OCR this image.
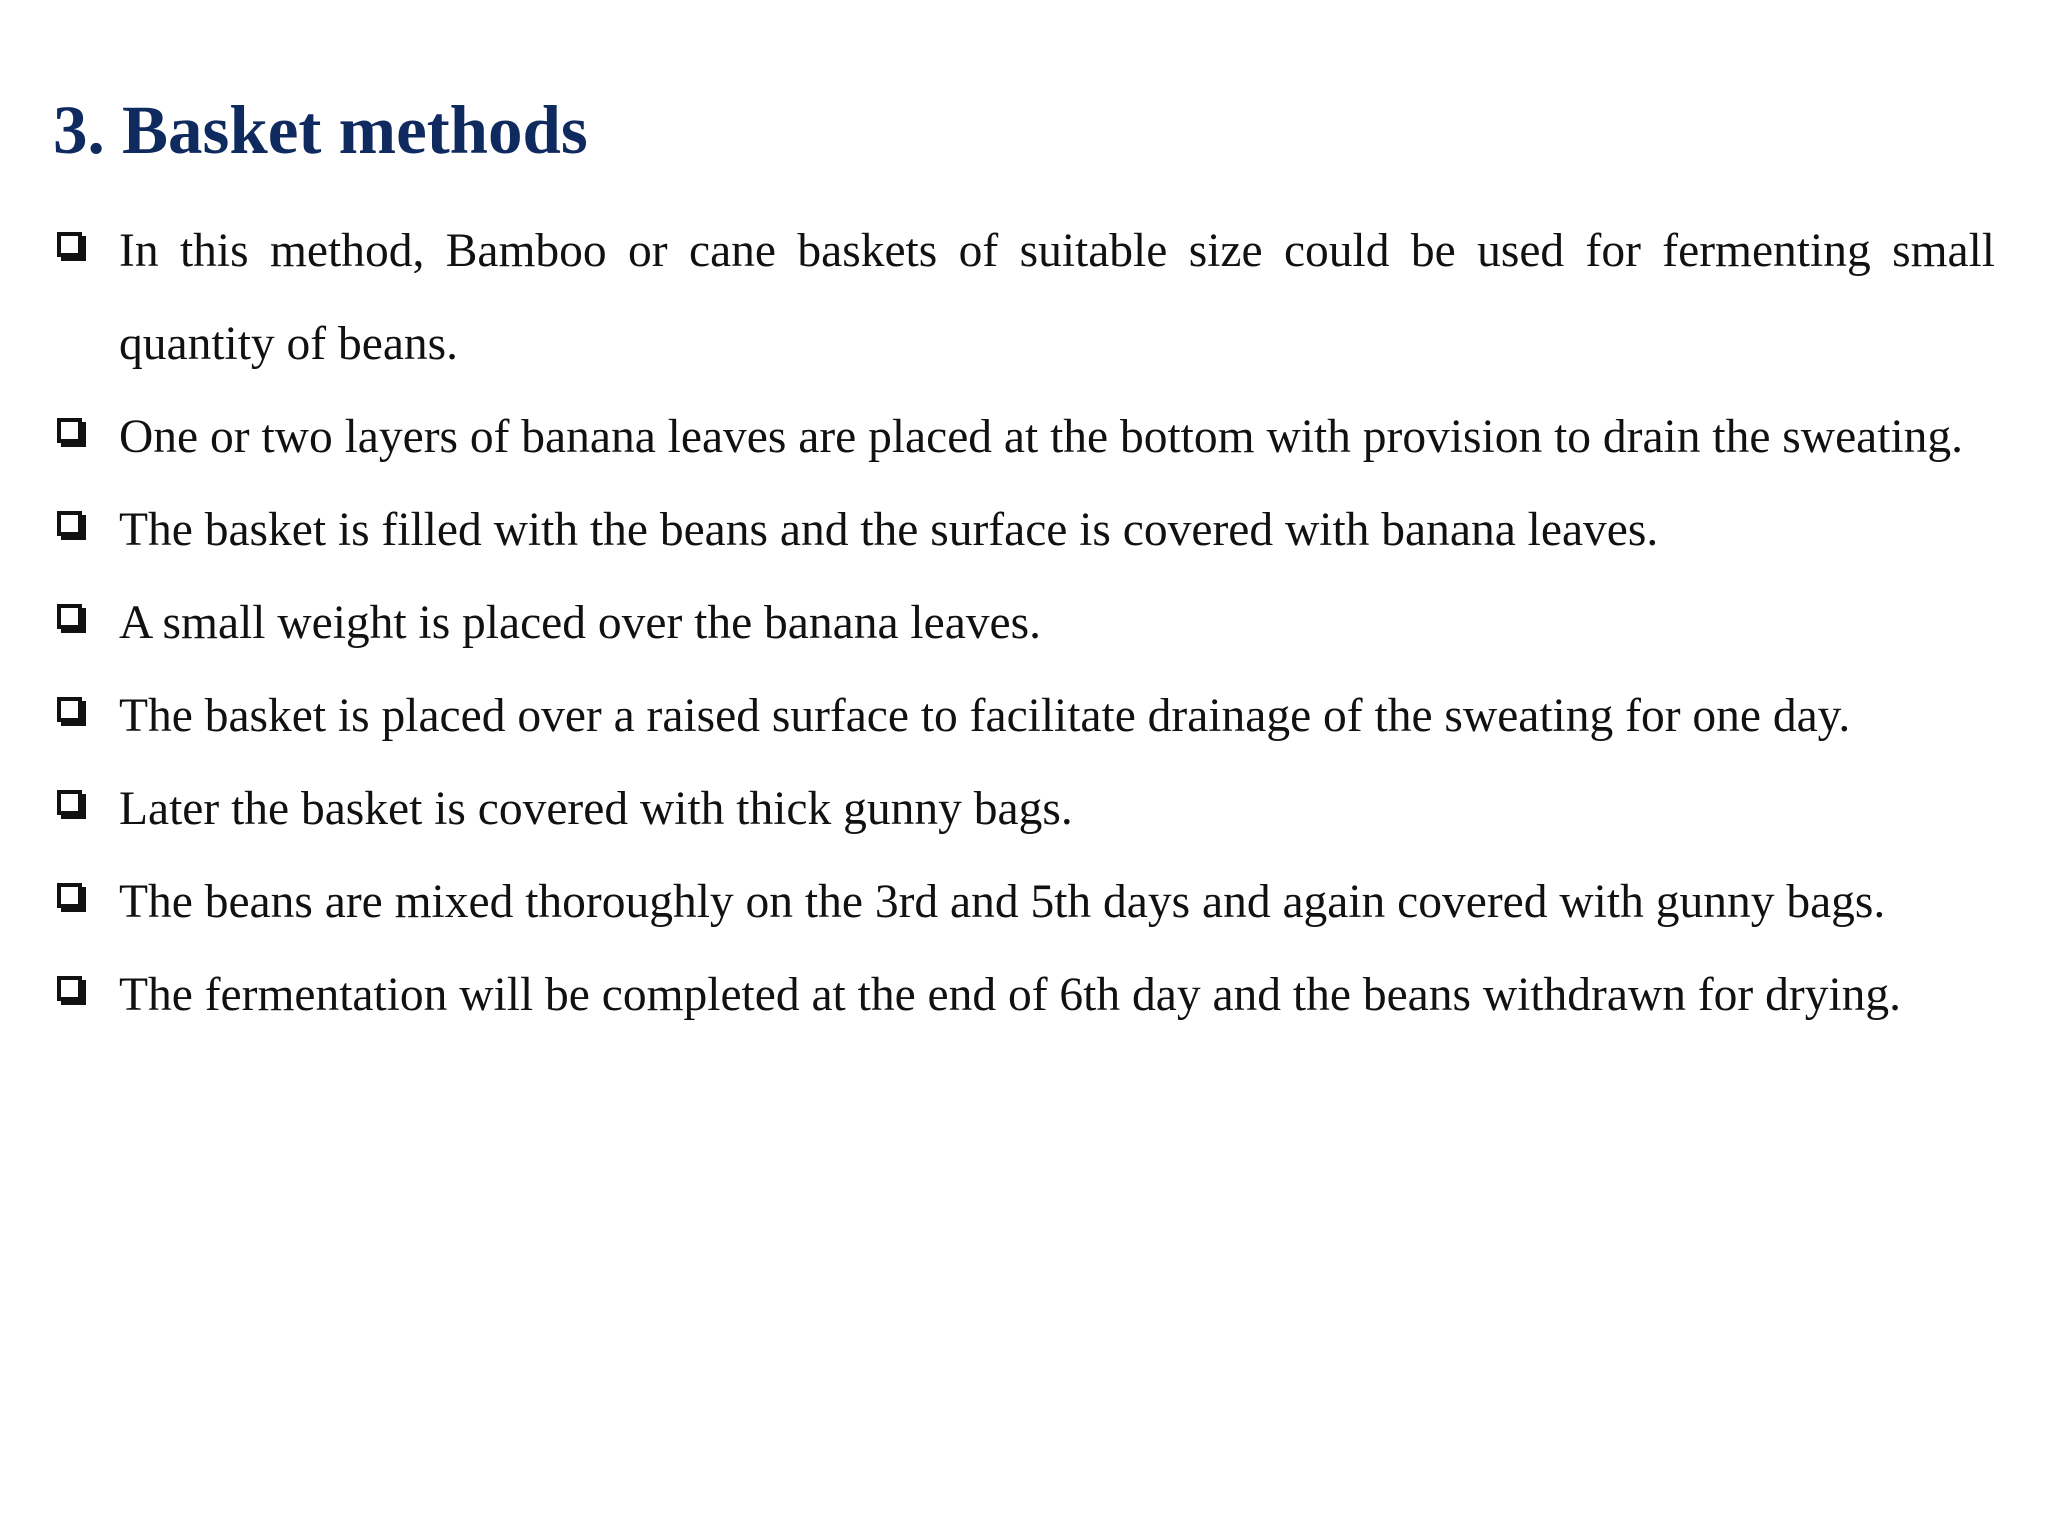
3. Basket methods
In this method, Bamboo or cane baskets of suitable size could be used for fermenting small quantity of beans.
One or two layers of banana leaves are placed at the bottom with provision to drain the sweating.
The basket is filled with the beans and the surface is covered with banana leaves.
A small weight is placed over the banana leaves.
The basket is placed over a raised surface to facilitate drainage of the sweating for one day.
Later the basket is covered with thick gunny bags.
The beans are mixed thoroughly on the 3rd and 5th days and again covered with gunny bags.
The fermentation will be completed at the end of 6th day and the beans withdrawn for drying.
